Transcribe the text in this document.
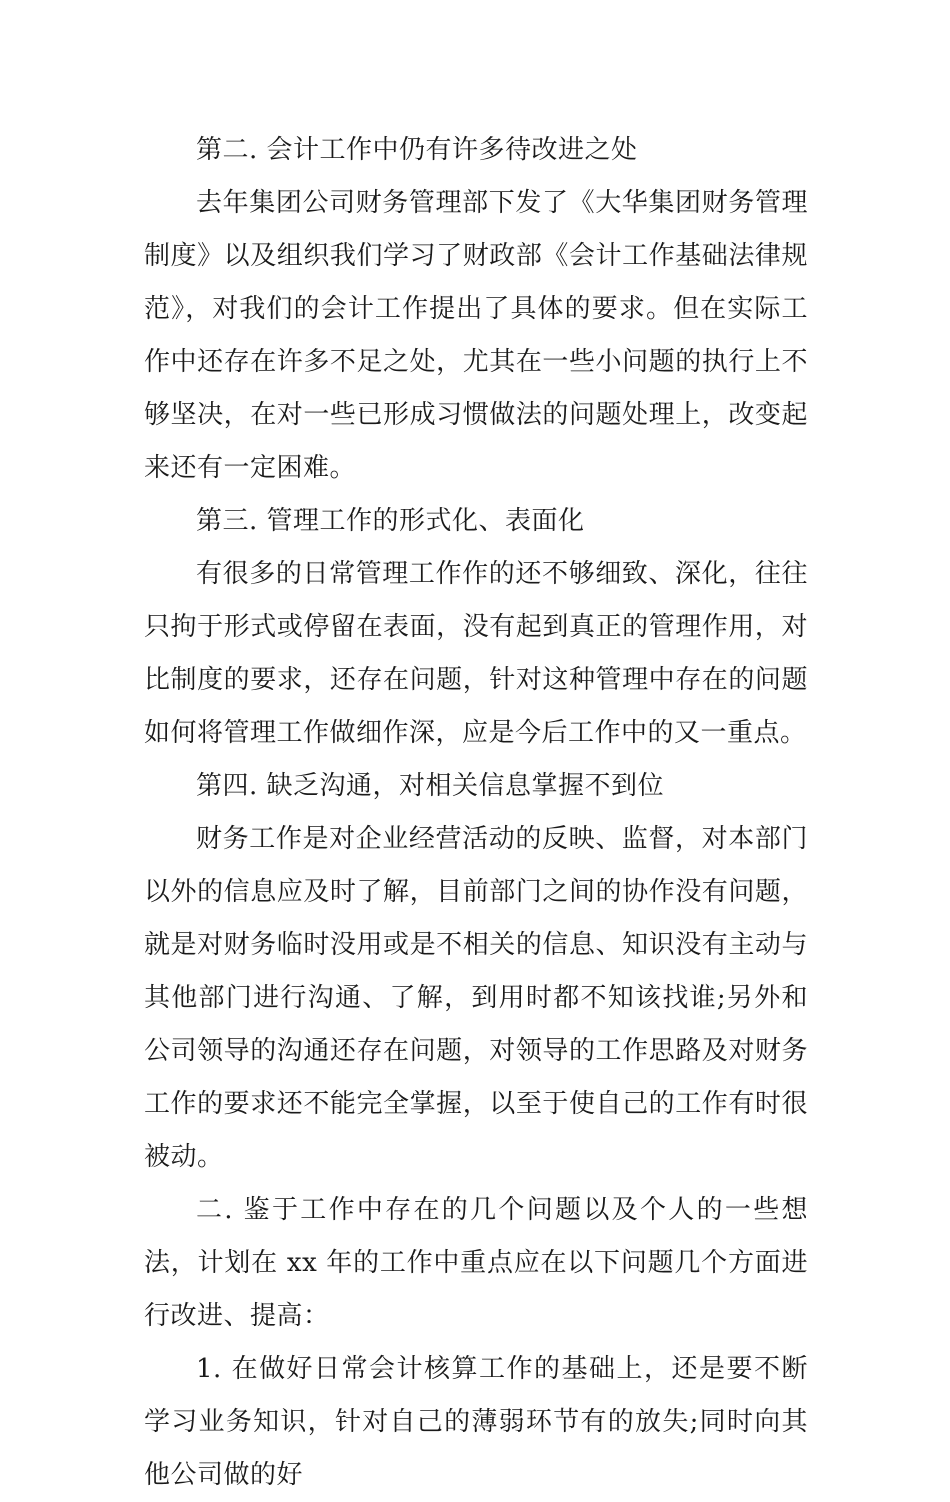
第二. 会计工作中仍有许多待改进之处

去年集团公司财务管理部下发了《大华集团财务管理制度》以及组织我们学习了财政部《会计工作基础法律规范》，对我们的会计工作提出了具体的要求。但在实际工作中还存在许多不足之处，尤其在一些小问题的执行上不够坚决，在对一些已形成习惯做法的问题处理上，改变起来还有一定困难。

第三. 管理工作的形式化、表面化

有很多的日常管理工作作的还不够细致、深化，往往只拘于形式或停留在表面，没有起到真正的管理作用，对比制度的要求，还存在问题，针对这种管理中存在的问题如何将管理工作做细作深，应是今后工作中的又一重点。

第四. 缺乏沟通，对相关信息掌握不到位

财务工作是对企业经营活动的反映、监督，对本部门以外的信息应及时了解，目前部门之间的协作没有问题，就是对财务临时没用或是不相关的信息、知识没有主动与其他部门进行沟通、了解，到用时都不知该找谁;另外和公司领导的沟通还存在问题，对领导的工作思路及对财务工作的要求还不能完全掌握，以至于使自己的工作有时很被动。

二. 鉴于工作中存在的几个问题以及个人的一些想法，计划在 xx 年的工作中重点应在以下问题几个方面进行改进、提高：

1. 在做好日常会计核算工作的基础上，还是要不断学习业务知识，针对自己的薄弱环节有的放失;同时向其他公司做的好
